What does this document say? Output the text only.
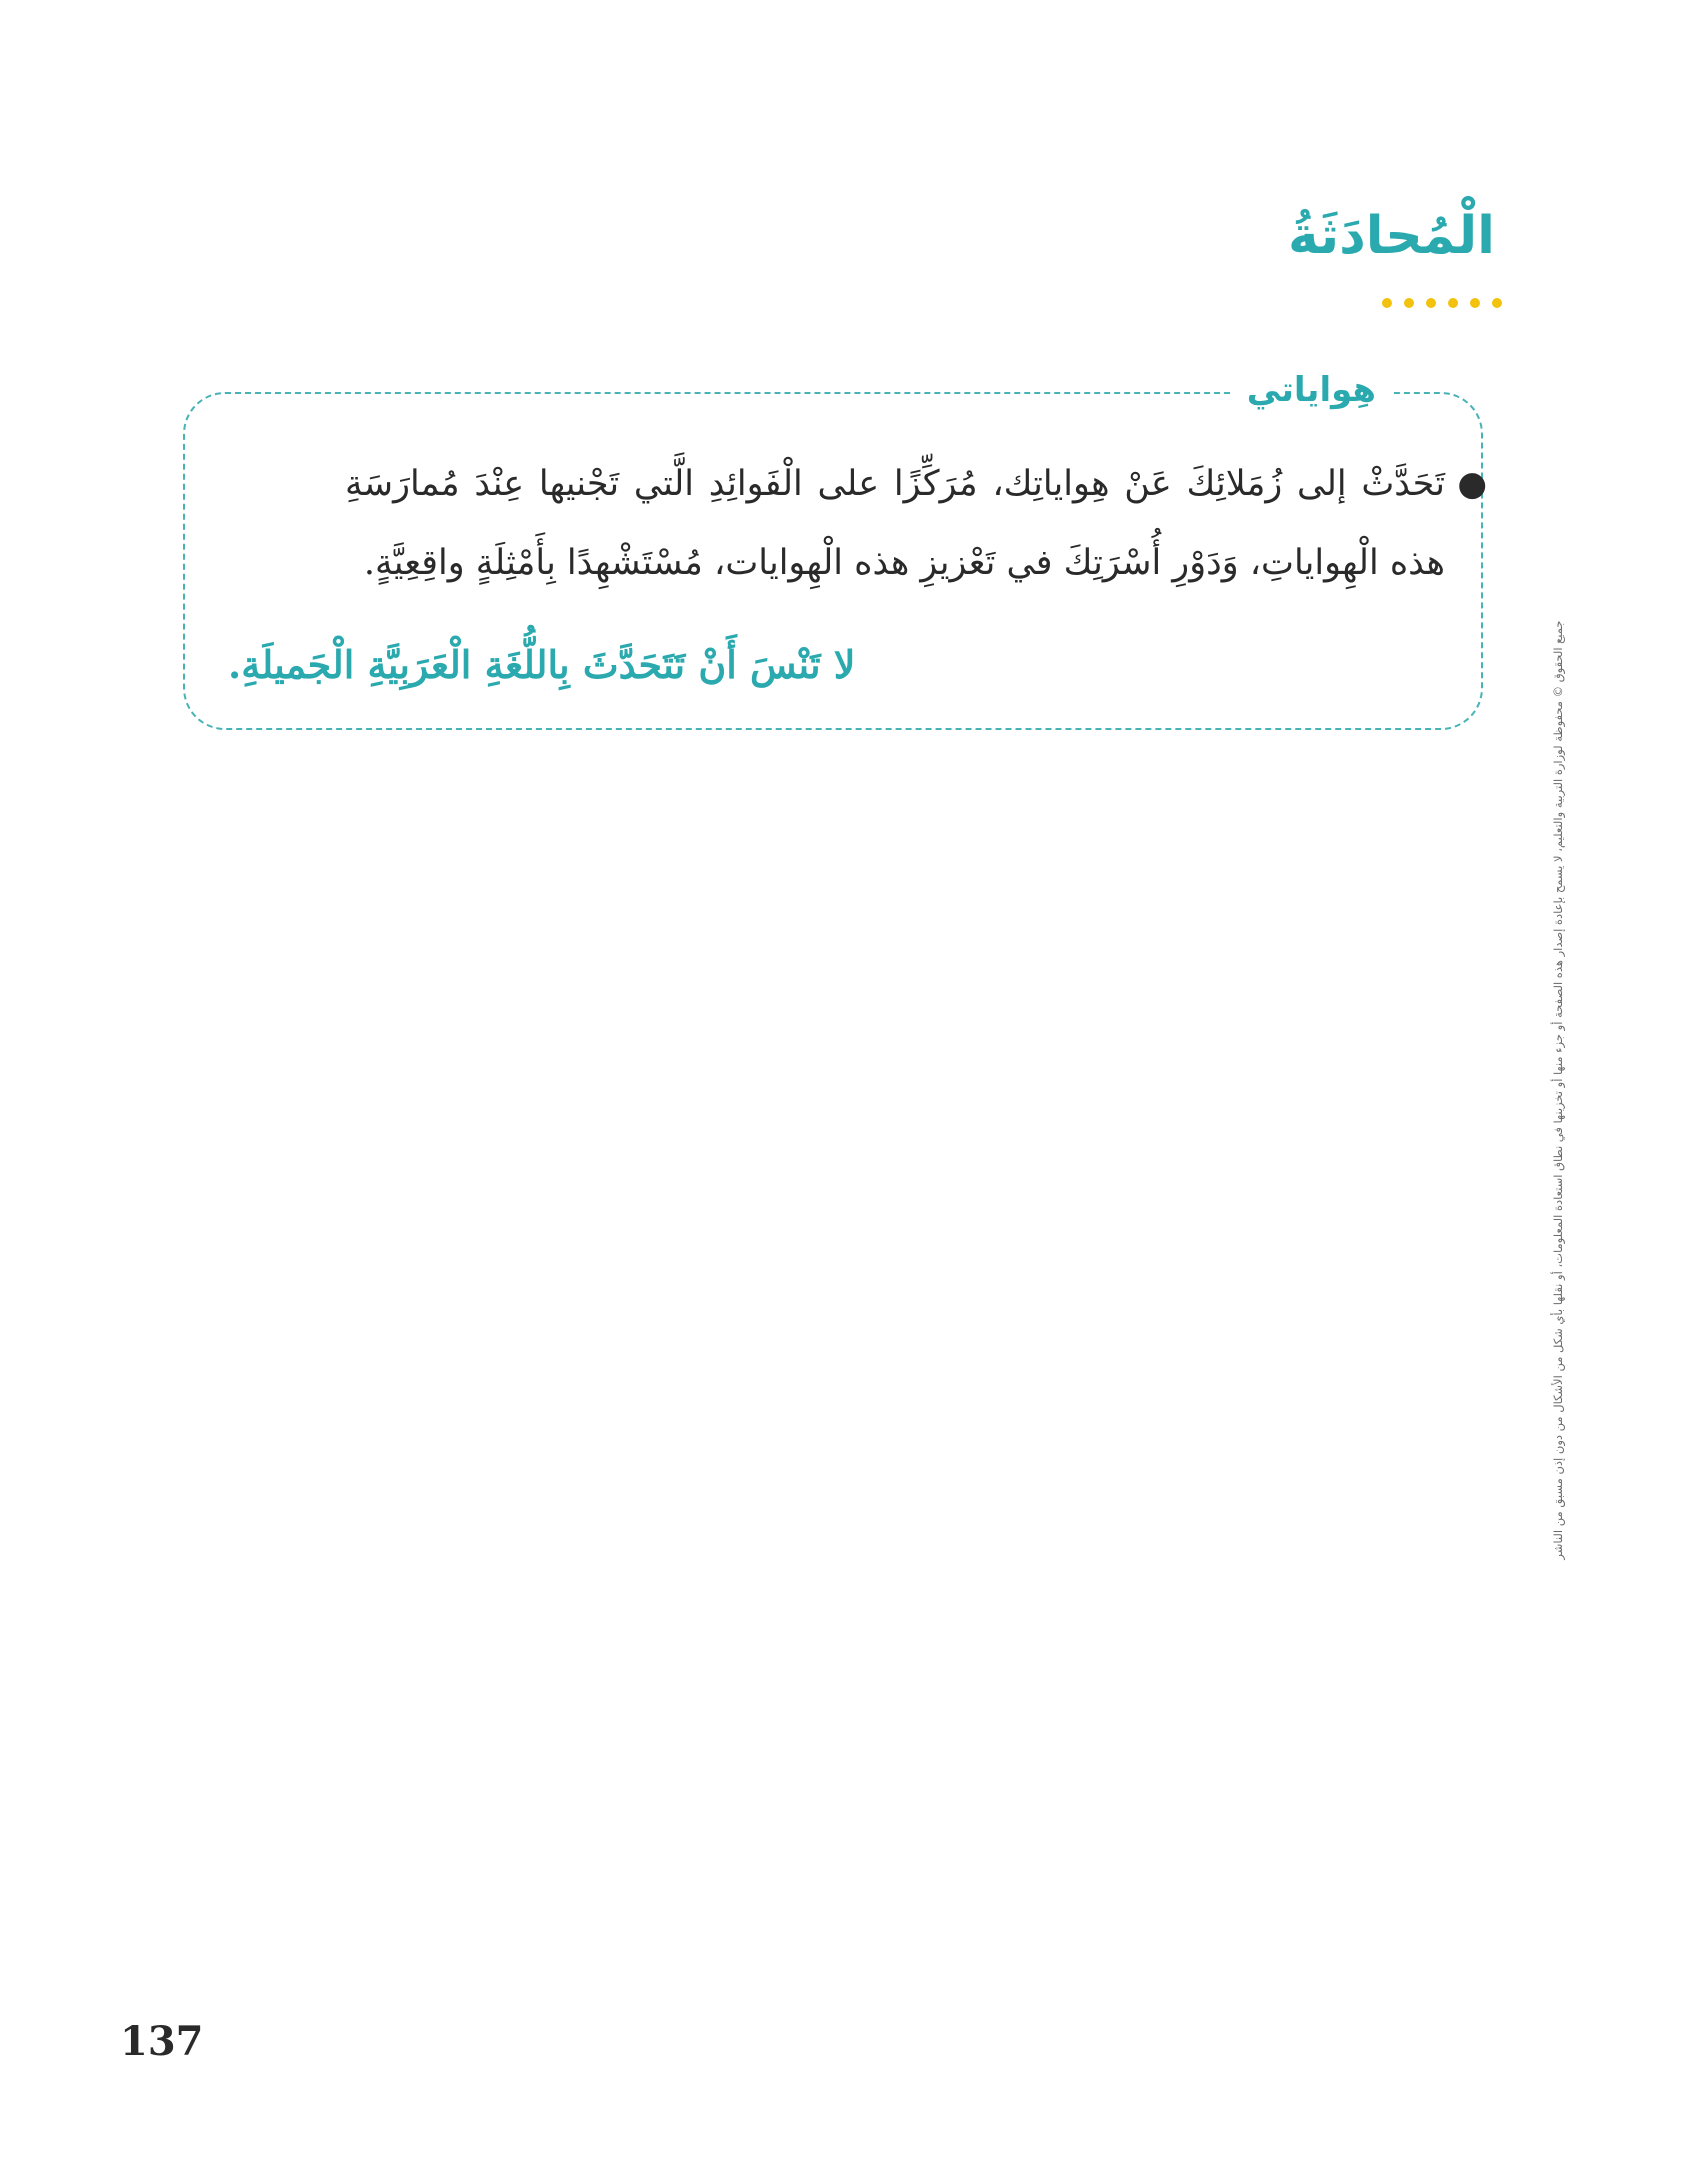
الْمُحادَثَةُ
هِواياتي
●
تَحَدَّثْ إلى زُمَلائِكَ عَنْ هِواياتِك، مُرَكِّزًا على الْفَوائِدِ الَّتي تَجْنيها عِنْدَ مُمارَسَةِ هذه الْهِواياتِ، وَدَوْرِ أُسْرَتِكَ في تَعْزيزِ هذه الْهِوايات، مُسْتَشْهِدًا بِأَمْثِلَةٍ واقِعِيَّةٍ.
لا تَنْسَ أَنْ تَتَحَدَّثَ بِاللُّغَةِ الْعَرَبِيَّةِ الْجَميلَةِ.	جميع الحقوق © محفوظة لوزارة التربية والتعليم، لا يسمح بإعادة إصدار هذه الصفحة أو جزء منها أو تخزينها في نطاق استعادة المعلومات، أو نقلها بأي شكل من الأشكال من دون إذن مسبق من الناشر
137
